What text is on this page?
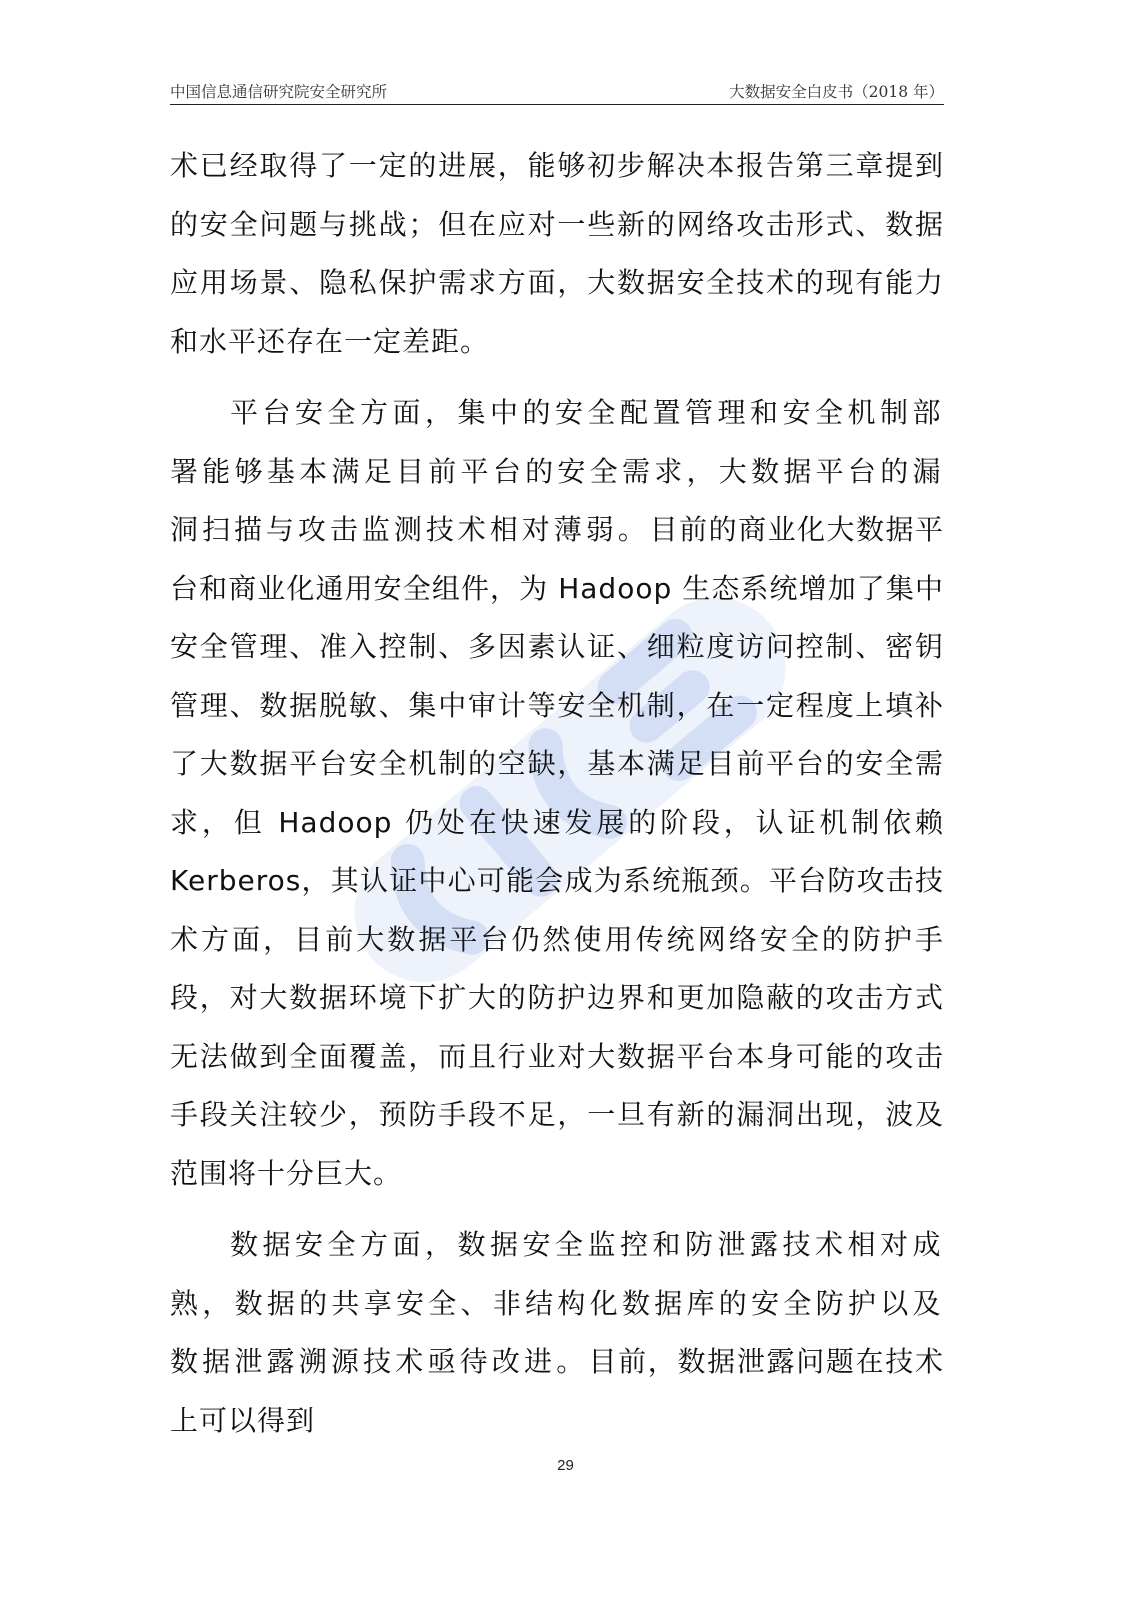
中国信息通信研究院安全研究所	大数据安全白皮书（2018 年）

术已经取得了一定的进展，能够初步解决本报告第三章提到的安全问题与挑战；但在应对一些新的网络攻击形式、数据应用场景、隐私保护需求方面，大数据安全技术的现有能力和水平还存在一定差距。

平台安全方面，集中的安全配置管理和安全机制部署能够基本满足目前平台的安全需求，大数据平台的漏洞扫描与攻击监测技术相对薄弱。目前的商业化大数据平台和商业化通用安全组件，为 Hadoop 生态系统增加了集中安全管理、准入控制、多因素认证、细粒度访问控制、密钥管理、数据脱敏、集中审计等安全机制，在一定程度上填补了大数据平台安全机制的空缺，基本满足目前平台的安全需求，但 Hadoop 仍处在快速发展的阶段，认证机制依赖 Kerberos，其认证中心可能会成为系统瓶颈。平台防攻击技术方面，目前大数据平台仍然使用传统网络安全的防护手段，对大数据环境下扩大的防护边界和更加隐蔽的攻击方式无法做到全面覆盖，而且行业对大数据平台本身可能的攻击手段关注较少，预防手段不足，一旦有新的漏洞出现，波及范围将十分巨大。

数据安全方面，数据安全监控和防泄露技术相对成熟，数据的共享安全、非结构化数据库的安全防护以及数据泄露溯源技术亟待改进。目前，数据泄露问题在技术上可以得到

29
